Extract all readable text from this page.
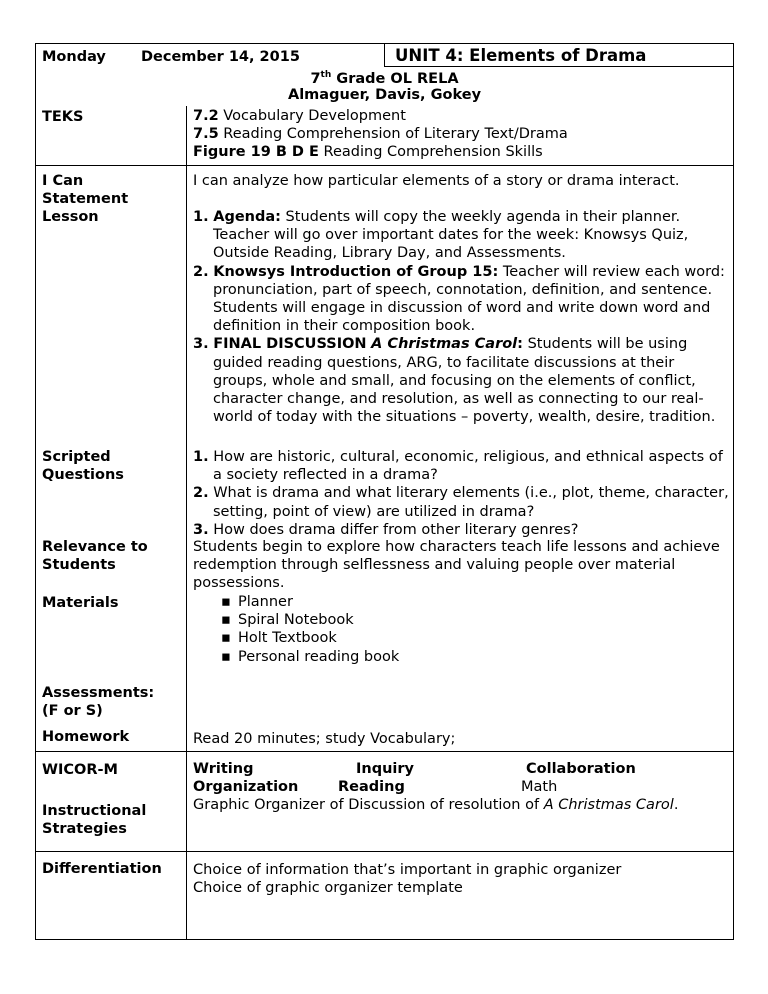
Monday December 14, 2015	UNIT 4: Elements of Drama
7th Grade OL RELA
Almaguer, Davis, Gokey
TEKS	7.2 Vocabulary Development
7.5 Reading Comprehension of Literary Text/Drama
Figure 19 B D E Reading Comprehension Skills
I Can
Statement
I can analyze how particular elements of a story or drama interact.
Lesson	1. Agenda: Students will copy the weekly agenda in their planner. Teacher will go over important dates for the week: Knowsys Quiz, Outside Reading, Library Day, and Assessments.
2. Knowsys Introduction of Group 15: Teacher will review each word: pronunciation, part of speech, connotation, definition, and sentence. Students will engage in discussion of word and write down word and definition in their composition book.
3. FINAL DISCUSSION A Christmas Carol: Students will be using guided reading questions, ARG, to facilitate discussions at their groups, whole and small, and focusing on the elements of conflict, character change, and resolution, as well as connecting to our real-world of today with the situations – poverty, wealth, desire, tradition.
Scripted
Questions
1. How are historic, cultural, economic, religious, and ethnical aspects of a society reflected in a drama?
2. What is drama and what literary elements (i.e., plot, theme, character, setting, point of view) are utilized in drama?
3. How does drama differ from other literary genres?
Relevance to
Students
Students begin to explore how characters teach life lessons and achieve redemption through selflessness and valuing people over material possessions.
Materials
▪	Planner
▪ Spiral Notebook
▪ Holt Textbook
▪ Personal reading book
Assessments:
(F or S)
Homework	Read 20 minutes; study Vocabulary;
WICOR-M	Writing	Inquiry	Collaboration
Organization	Reading	Math
Instructional
Strategies
Graphic Organizer of Discussion of resolution of A Christmas Carol.
Differentiation Choice of information that’s important in graphic organizer
Choice of graphic organizer template
